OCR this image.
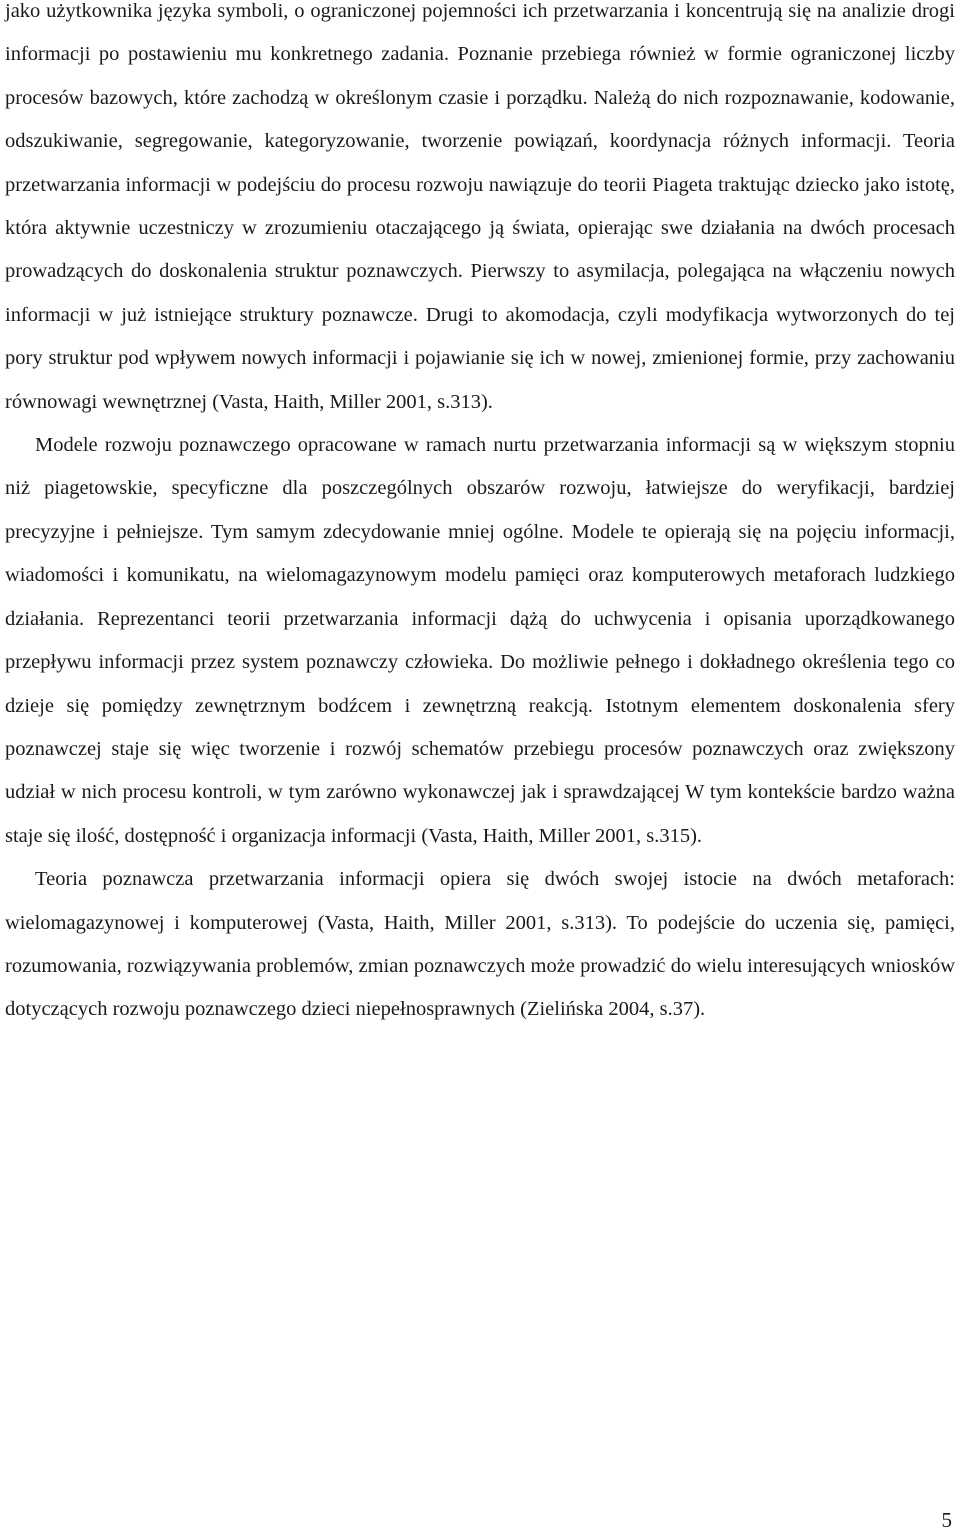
jako użytkownika języka symboli, o ograniczonej pojemności ich przetwarzania i koncentrują się na analizie drogi informacji po postawieniu mu konkretnego zadania. Poznanie przebiega również w formie ograniczonej liczby procesów bazowych, które zachodzą w określonym czasie i porządku. Należą do nich rozpoznawanie, kodowanie, odszukiwanie, segregowanie, kategoryzowanie, tworzenie powiązań, koordynacja różnych informacji. Teoria przetwarzania informacji w podejściu do procesu rozwoju nawiązuje do teorii Piageta traktując dziecko jako istotę, która aktywnie uczestniczy w zrozumieniu otaczającego ją świata, opierając swe działania na dwóch procesach prowadzących do doskonalenia struktur poznawczych. Pierwszy to asymilacja, polegająca na włączeniu nowych informacji w już istniejące struktury poznawcze. Drugi to akomodacja, czyli modyfikacja wytworzonych do tej pory struktur pod wpływem nowych informacji i pojawianie się ich w nowej, zmienionej formie, przy zachowaniu równowagi wewnętrznej (Vasta, Haith, Miller 2001, s.313).

Modele rozwoju poznawczego opracowane w ramach nurtu przetwarzania informacji są w większym stopniu niż piagetowskie, specyficzne dla poszczególnych obszarów rozwoju, łatwiejsze do weryfikacji, bardziej precyzyjne i pełniejsze. Tym samym zdecydowanie mniej ogólne. Modele te opierają się na pojęciu informacji, wiadomości i komunikatu, na wielomagazynowym modelu pamięci oraz komputerowych metaforach ludzkiego działania. Reprezentanci teorii przetwarzania informacji dążą do uchwycenia i opisania uporządkowanego przepływu informacji przez system poznawczy człowieka. Do możliwie pełnego i dokładnego określenia tego co dzieje się pomiędzy zewnętrznym bodźcem i zewnętrzną reakcją. Istotnym elementem doskonalenia sfery poznawczej staje się więc tworzenie i rozwój schematów przebiegu procesów poznawczych oraz zwiększony udział w nich procesu kontroli, w tym zarówno wykonawczej jak i sprawdzającej W tym kontekście bardzo ważna staje się ilość, dostępność i organizacja informacji (Vasta, Haith, Miller 2001, s.315).

Teoria poznawcza przetwarzania informacji opiera się dwóch swojej istocie na dwóch metaforach: wielomagazynowej i komputerowej (Vasta, Haith, Miller 2001, s.313). To podejście do uczenia się, pamięci, rozumowania, rozwiązywania problemów, zmian poznawczych może prowadzić do wielu interesujących wniosków dotyczących rozwoju poznawczego dzieci niepełnosprawnych (Zielińska 2004, s.37).

5
